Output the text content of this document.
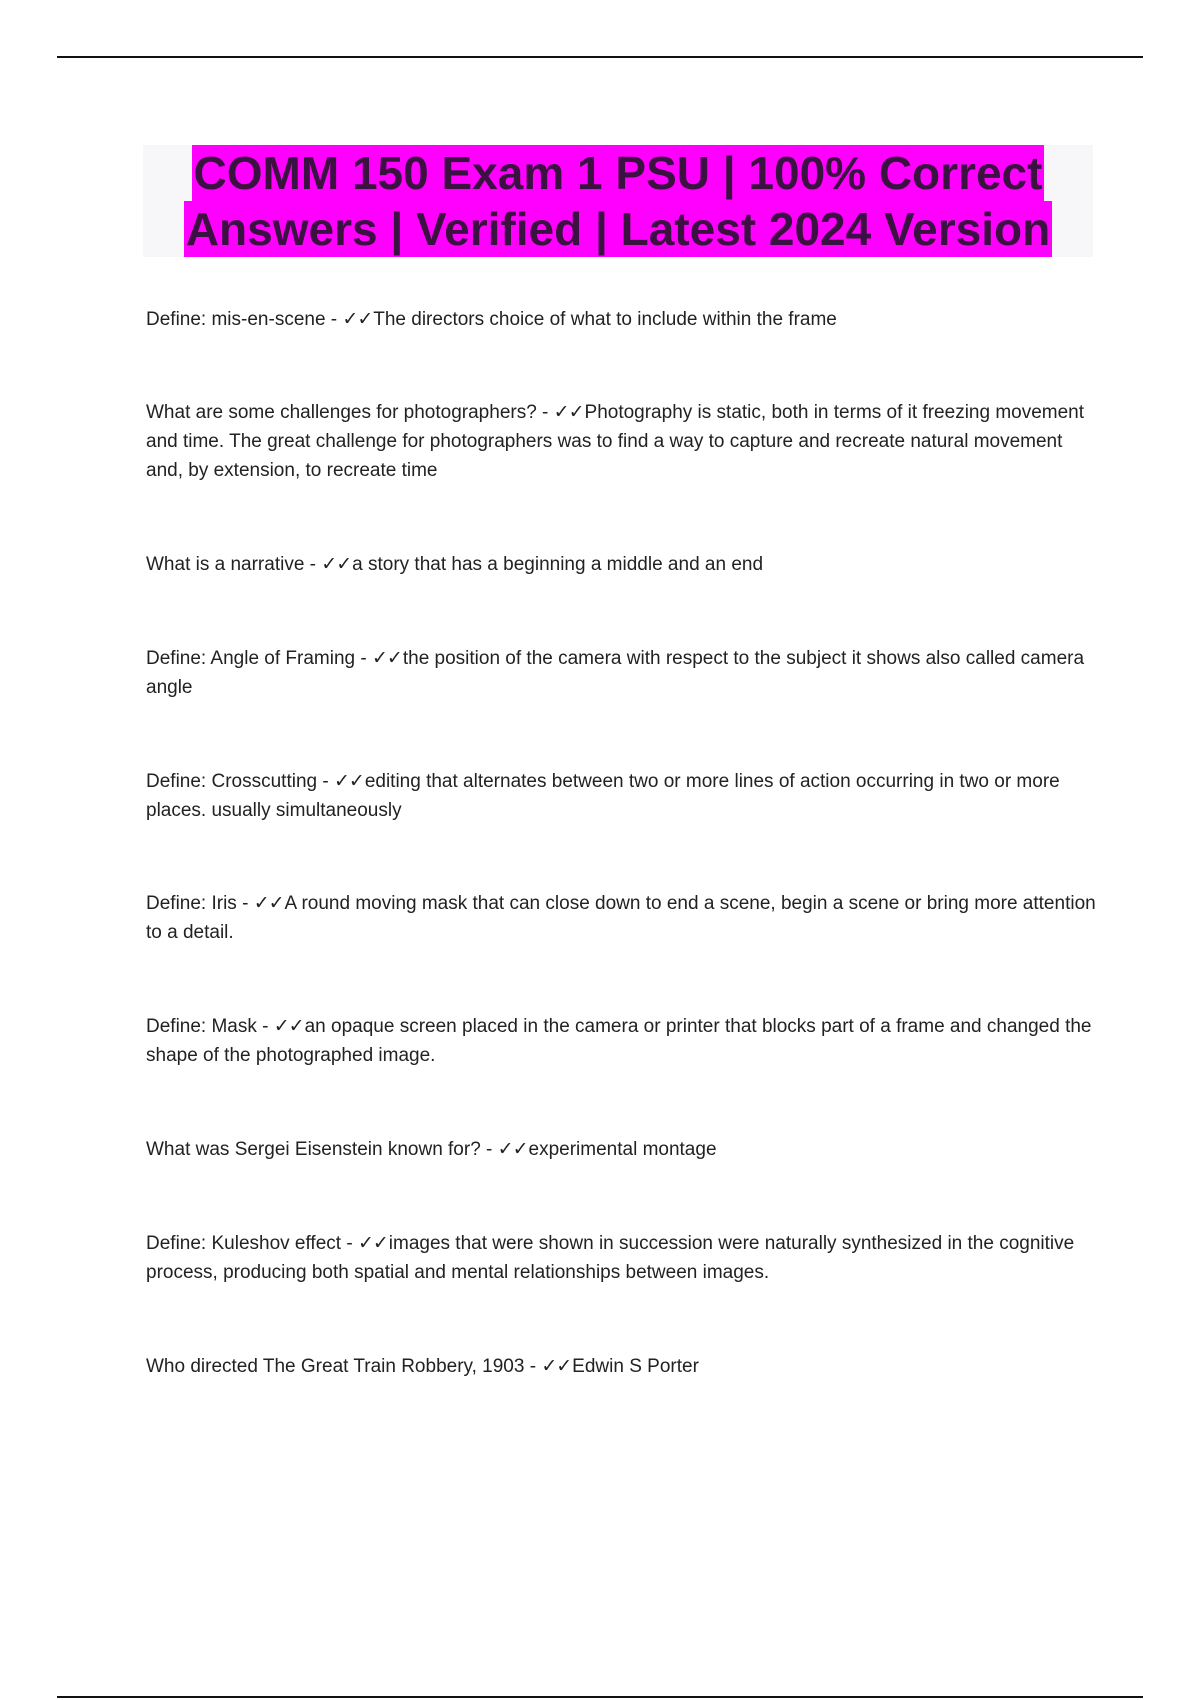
COMM 150 Exam 1 PSU | 100% Correct
Answers | Verified | Latest 2024 Version
Define: mis-en-scene - ✓✓The directors choice of what to include within the frame
What are some challenges for photographers? - ✓✓Photography is static, both in terms of it freezing movement and time. The great challenge for photographers was to find a way to capture and recreate natural movement and, by extension, to recreate time
What is a narrative - ✓✓a story that has a beginning a middle and an end
Define: Angle of Framing - ✓✓the position of the camera with respect to the subject it shows also called camera angle
Define: Crosscutting - ✓✓editing that alternates between two or more lines of action occurring in two or more places. usually simultaneously
Define: Iris - ✓✓A round moving mask that can close down to end a scene, begin a scene or bring more attention to a detail.
Define: Mask - ✓✓an opaque screen placed in the camera or printer that blocks part of a frame and changed the shape of the photographed image.
What was Sergei Eisenstein known for? - ✓✓experimental montage
Define: Kuleshov effect - ✓✓images that were shown in succession were naturally synthesized in the cognitive process, producing both spatial and mental relationships between images.
Who directed The Great Train Robbery, 1903 - ✓✓Edwin S Porter
